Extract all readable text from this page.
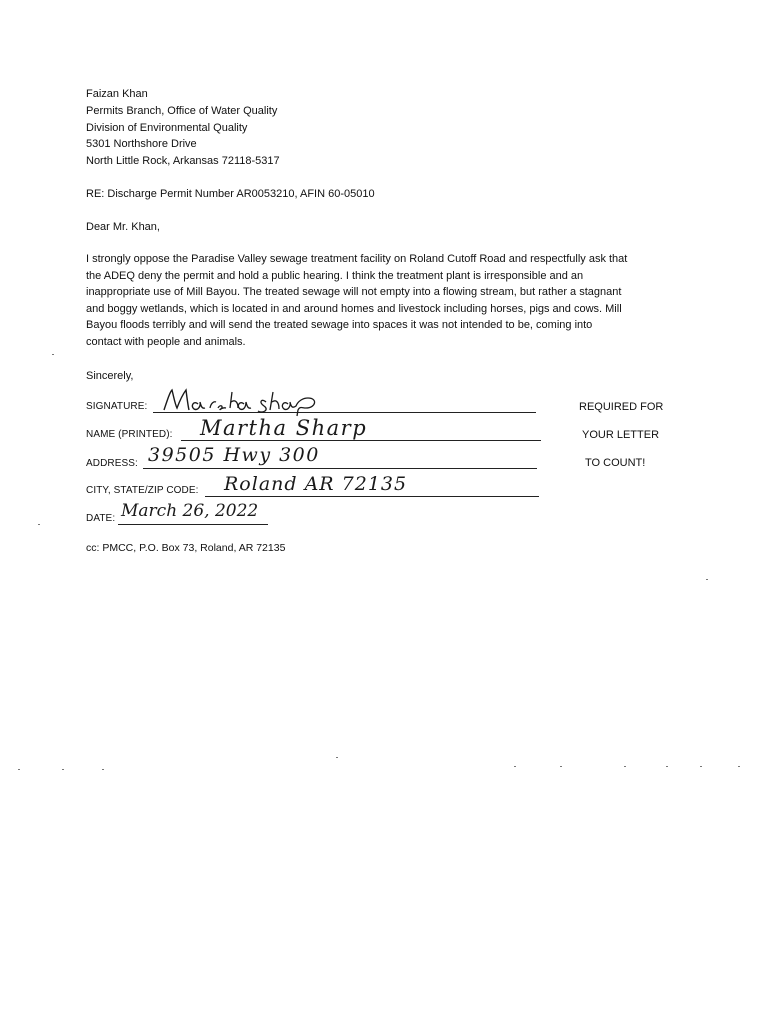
Faizan Khan
Permits Branch, Office of Water Quality
Division of Environmental Quality
5301 Northshore Drive
North Little Rock, Arkansas 72118-5317
RE: Discharge Permit Number AR0053210, AFIN 60-05010
Dear Mr. Khan,
I strongly oppose the Paradise Valley sewage treatment facility on Roland Cutoff Road and respectfully ask that
the ADEQ deny the permit and hold a public hearing. I think the treatment plant is irresponsible and an
inappropriate use of Mill Bayou. The treated sewage will not empty into a flowing stream, but rather a stagnant
and boggy wetlands, which is located in and around homes and livestock including horses, pigs and cows. Mill
Bayou floods terribly and will send the treated sewage into spaces it was not intended to be, coming into
contact with people and animals.
Sincerely,
SIGNATURE:	REQUIRED FOR
NAME (PRINTED): Martha Sharp	YOUR LETTER
ADDRESS: 39505 Hwy 300	TO COUNT!
CITY, STATE/ZIP CODE: Roland AR 72135
DATE: March 26, 2022
cc: PMCC, P.O. Box 73, Roland, AR 72135
